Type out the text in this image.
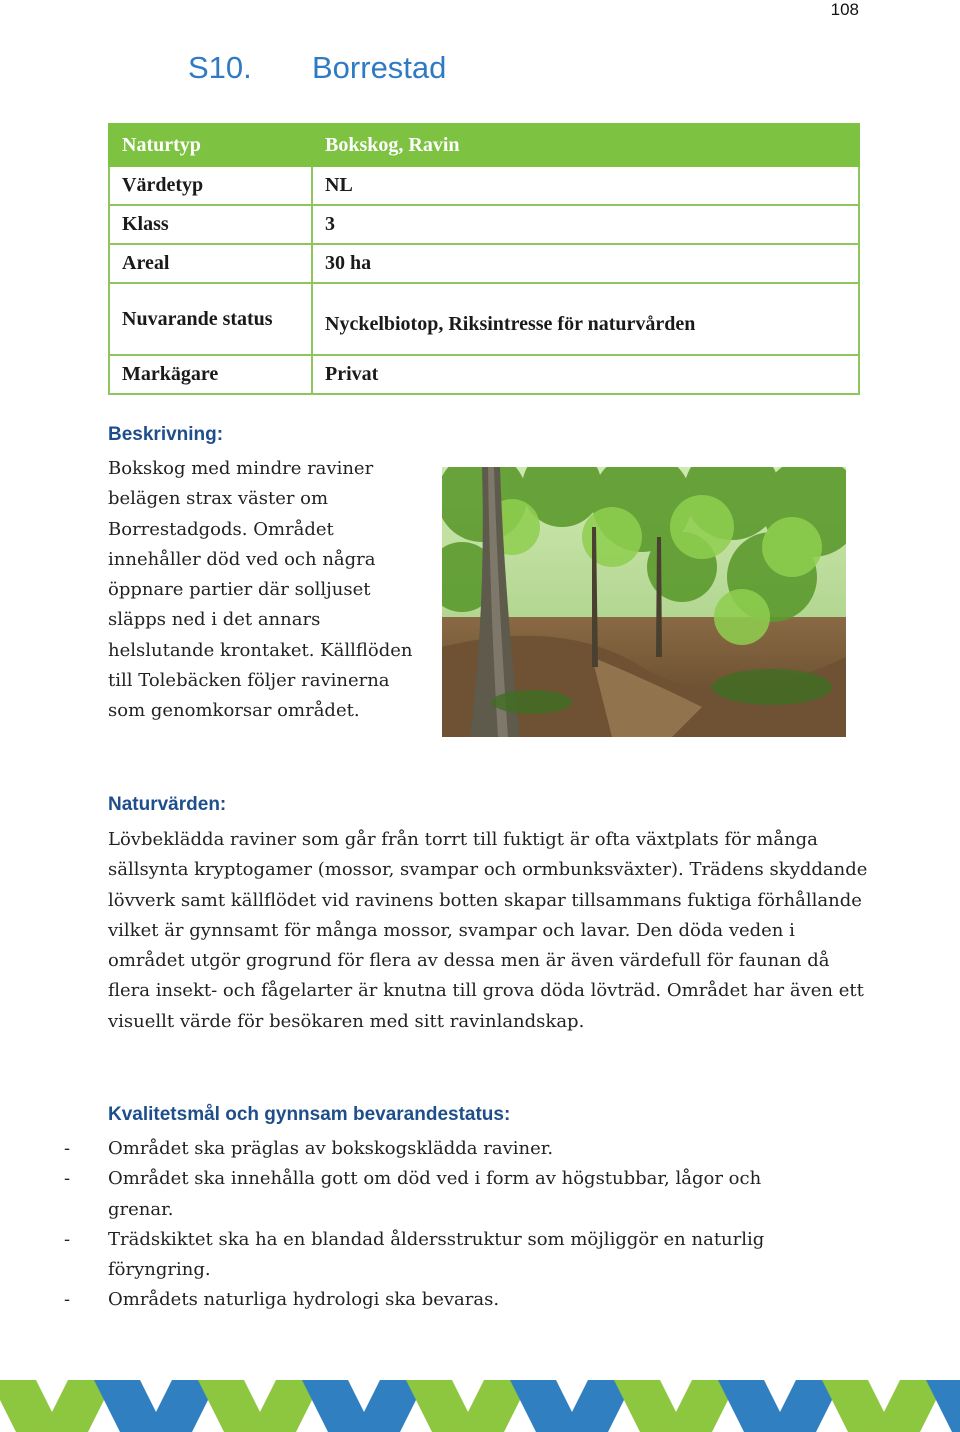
108
S10. Borrestad
Naturtyp	Bokskog, Ravin
Värdetyp	NL
Klass	3
Areal	30 ha
Nuvarande status	Nyckelbiotop, Riksintresse för naturvården
Markägare	Privat
Beskrivning:
Bokskog med mindre raviner belägen strax väster om Borrestadgods. Området innehåller död ved och några öppnare partier där solljuset släpps ned i det annars helslutande krontaket. Källflöden till Tolebäcken följer ravinerna som genomkorsar området.
Naturvärden:
Lövbeklädda raviner som går från torrt till fuktigt är ofta växtplats för många sällsynta kryptogamer (mossor, svampar och ormbunksväxter). Trädens skyddande lövverk samt källflödet vid ravinens botten skapar tillsammans fuktiga förhållande vilket är gynnsamt för många mossor, svampar och lavar. Den döda veden i området utgör grogrund för flera av dessa men är även värdefull för faunan då flera insekt- och fågelarter är knutna till grova döda lövträd. Området har även ett visuellt värde för besökaren med sitt ravinlandskap.
Kvalitetsmål och gynnsam bevarandestatus:
-	Området ska präglas av bokskogsklädda raviner.
-	Området ska innehålla gott om död ved i form av högstubbar, lågor och grenar.
-	Trädskiktet ska ha en blandad åldersstruktur som möjliggör en naturlig föryngring.
-	Områdets naturliga hydrologi ska bevaras.
